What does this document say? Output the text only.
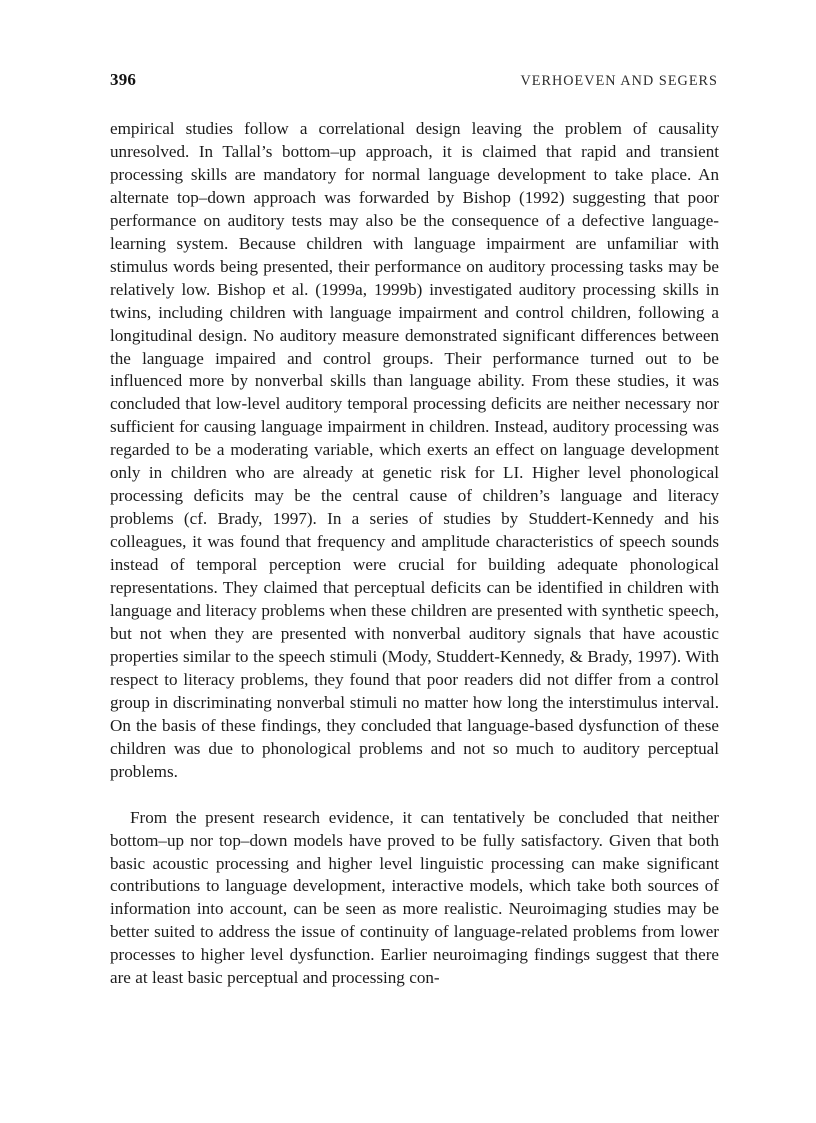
396	VERHOEVEN AND SEGERS

empirical studies follow a correlational design leaving the problem of causality unresolved. In Tallal’s bottom–up approach, it is claimed that rapid and transient processing skills are mandatory for normal language development to take place. An alternate top–down approach was forwarded by Bishop (1992) suggesting that poor performance on auditory tests may also be the consequence of a defective language-learning system. Because children with language impairment are unfamiliar with stimulus words being presented, their performance on auditory processing tasks may be relatively low. Bishop et al. (1999a, 1999b) investigated auditory processing skills in twins, including children with language impairment and control children, following a longitudinal design. No auditory measure demonstrated significant differences between the language impaired and control groups. Their performance turned out to be influenced more by nonverbal skills than language ability. From these studies, it was concluded that low-level auditory temporal processing deficits are neither necessary nor sufficient for causing language impairment in children. Instead, auditory processing was regarded to be a moderating variable, which exerts an effect on language development only in children who are already at genetic risk for LI. Higher level phonological processing deficits may be the central cause of children’s language and literacy problems (cf. Brady, 1997). In a series of studies by Studdert-Kennedy and his colleagues, it was found that frequency and amplitude characteristics of speech sounds instead of temporal perception were crucial for building adequate phonological representations. They claimed that perceptual deficits can be identified in children with language and literacy problems when these children are presented with synthetic speech, but not when they are presented with nonverbal auditory signals that have acoustic properties similar to the speech stimuli (Mody, Studdert-Kennedy, & Brady, 1997). With respect to literacy problems, they found that poor readers did not differ from a control group in discriminating nonverbal stimuli no matter how long the interstimulus interval. On the basis of these findings, they concluded that language-based dysfunction of these children was due to phonological problems and not so much to auditory perceptual problems.

From the present research evidence, it can tentatively be concluded that neither bottom–up nor top–down models have proved to be fully satisfactory. Given that both basic acoustic processing and higher level linguistic processing can make significant contributions to language development, interactive models, which take both sources of information into account, can be seen as more realistic. Neuroimaging studies may be better suited to address the issue of continuity of language-related problems from lower processes to higher level dysfunction. Earlier neuroimaging findings suggest that there are at least basic perceptual and processing con-
